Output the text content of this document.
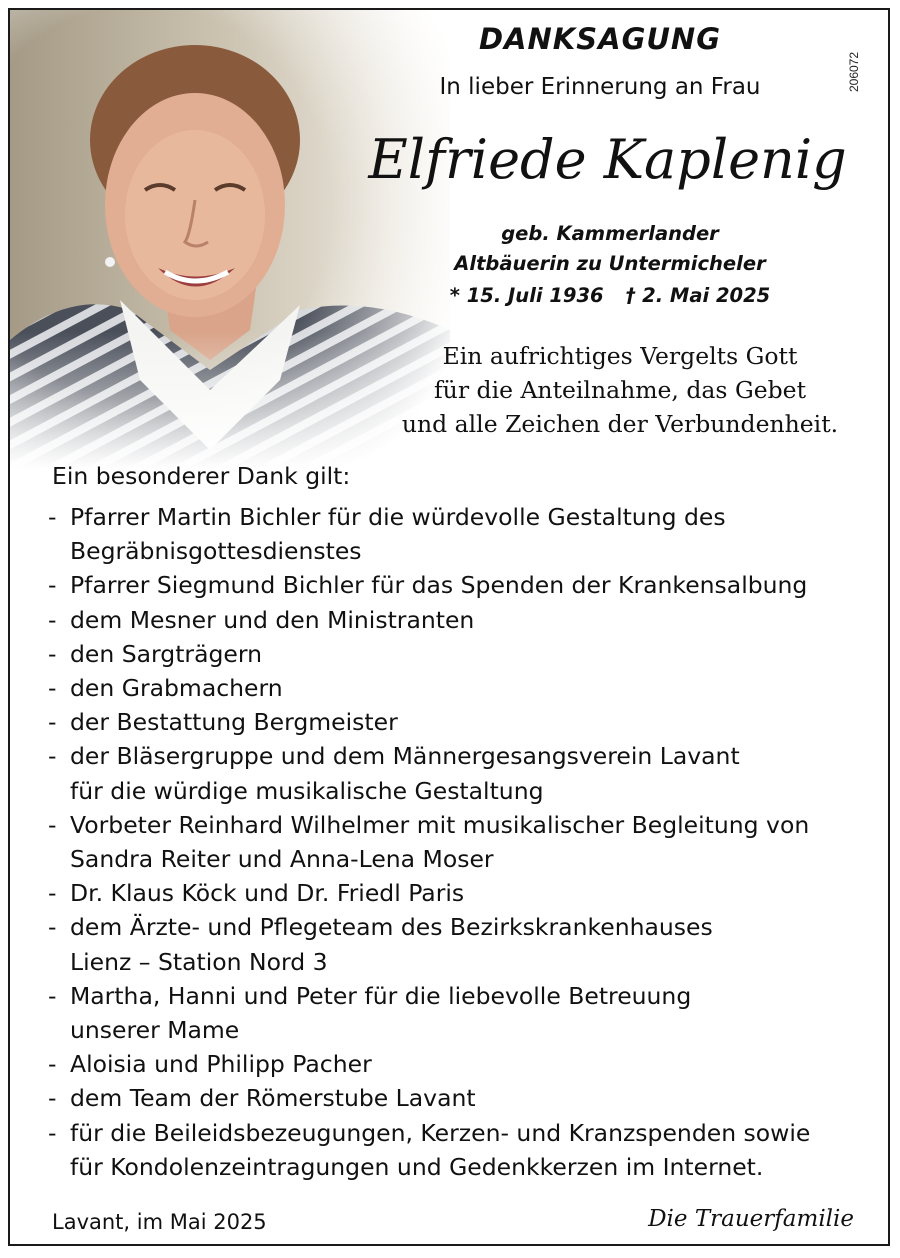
206072
DANKSAGUNG
In lieber Erinnerung an Frau
Elfriede Kaplenig
geb. Kammerlander
Altbäuerin zu Untermicheler
* 15. Juli 1936 † 2. Mai 2025
Ein aufrichtiges Vergelts Gott
für die Anteilnahme, das Gebet
und alle Zeichen der Verbundenheit.
Ein besonderer Dank gilt:
- Pfarrer Martin Bichler für die würdevolle Gestaltung des
Begräbnisgottesdienstes
- Pfarrer Siegmund Bichler für das Spenden der Krankensalbung
- dem Mesner und den Ministranten
- den Sargträgern
- den Grabmachern
- der Bestattung Bergmeister
- der Bläsergruppe und dem Männergesangsverein Lavant
für die würdige musikalische Gestaltung
- Vorbeter Reinhard Wilhelmer mit musikalischer Begleitung von
Sandra Reiter und Anna-Lena Moser
- Dr. Klaus Köck und Dr. Friedl Paris
- dem Ärzte- und Pflegeteam des Bezirkskrankenhauses
Lienz – Station Nord 3
- Martha, Hanni und Peter für die liebevolle Betreuung
unserer Mame
- Aloisia und Philipp Pacher
- dem Team der Römerstube Lavant
- für die Beileidsbezeugungen, Kerzen- und Kranzspenden sowie
für Kondolenzeintragungen und Gedenkkerzen im Internet.
Lavant, im Mai 2025	Die Trauerfamilie
